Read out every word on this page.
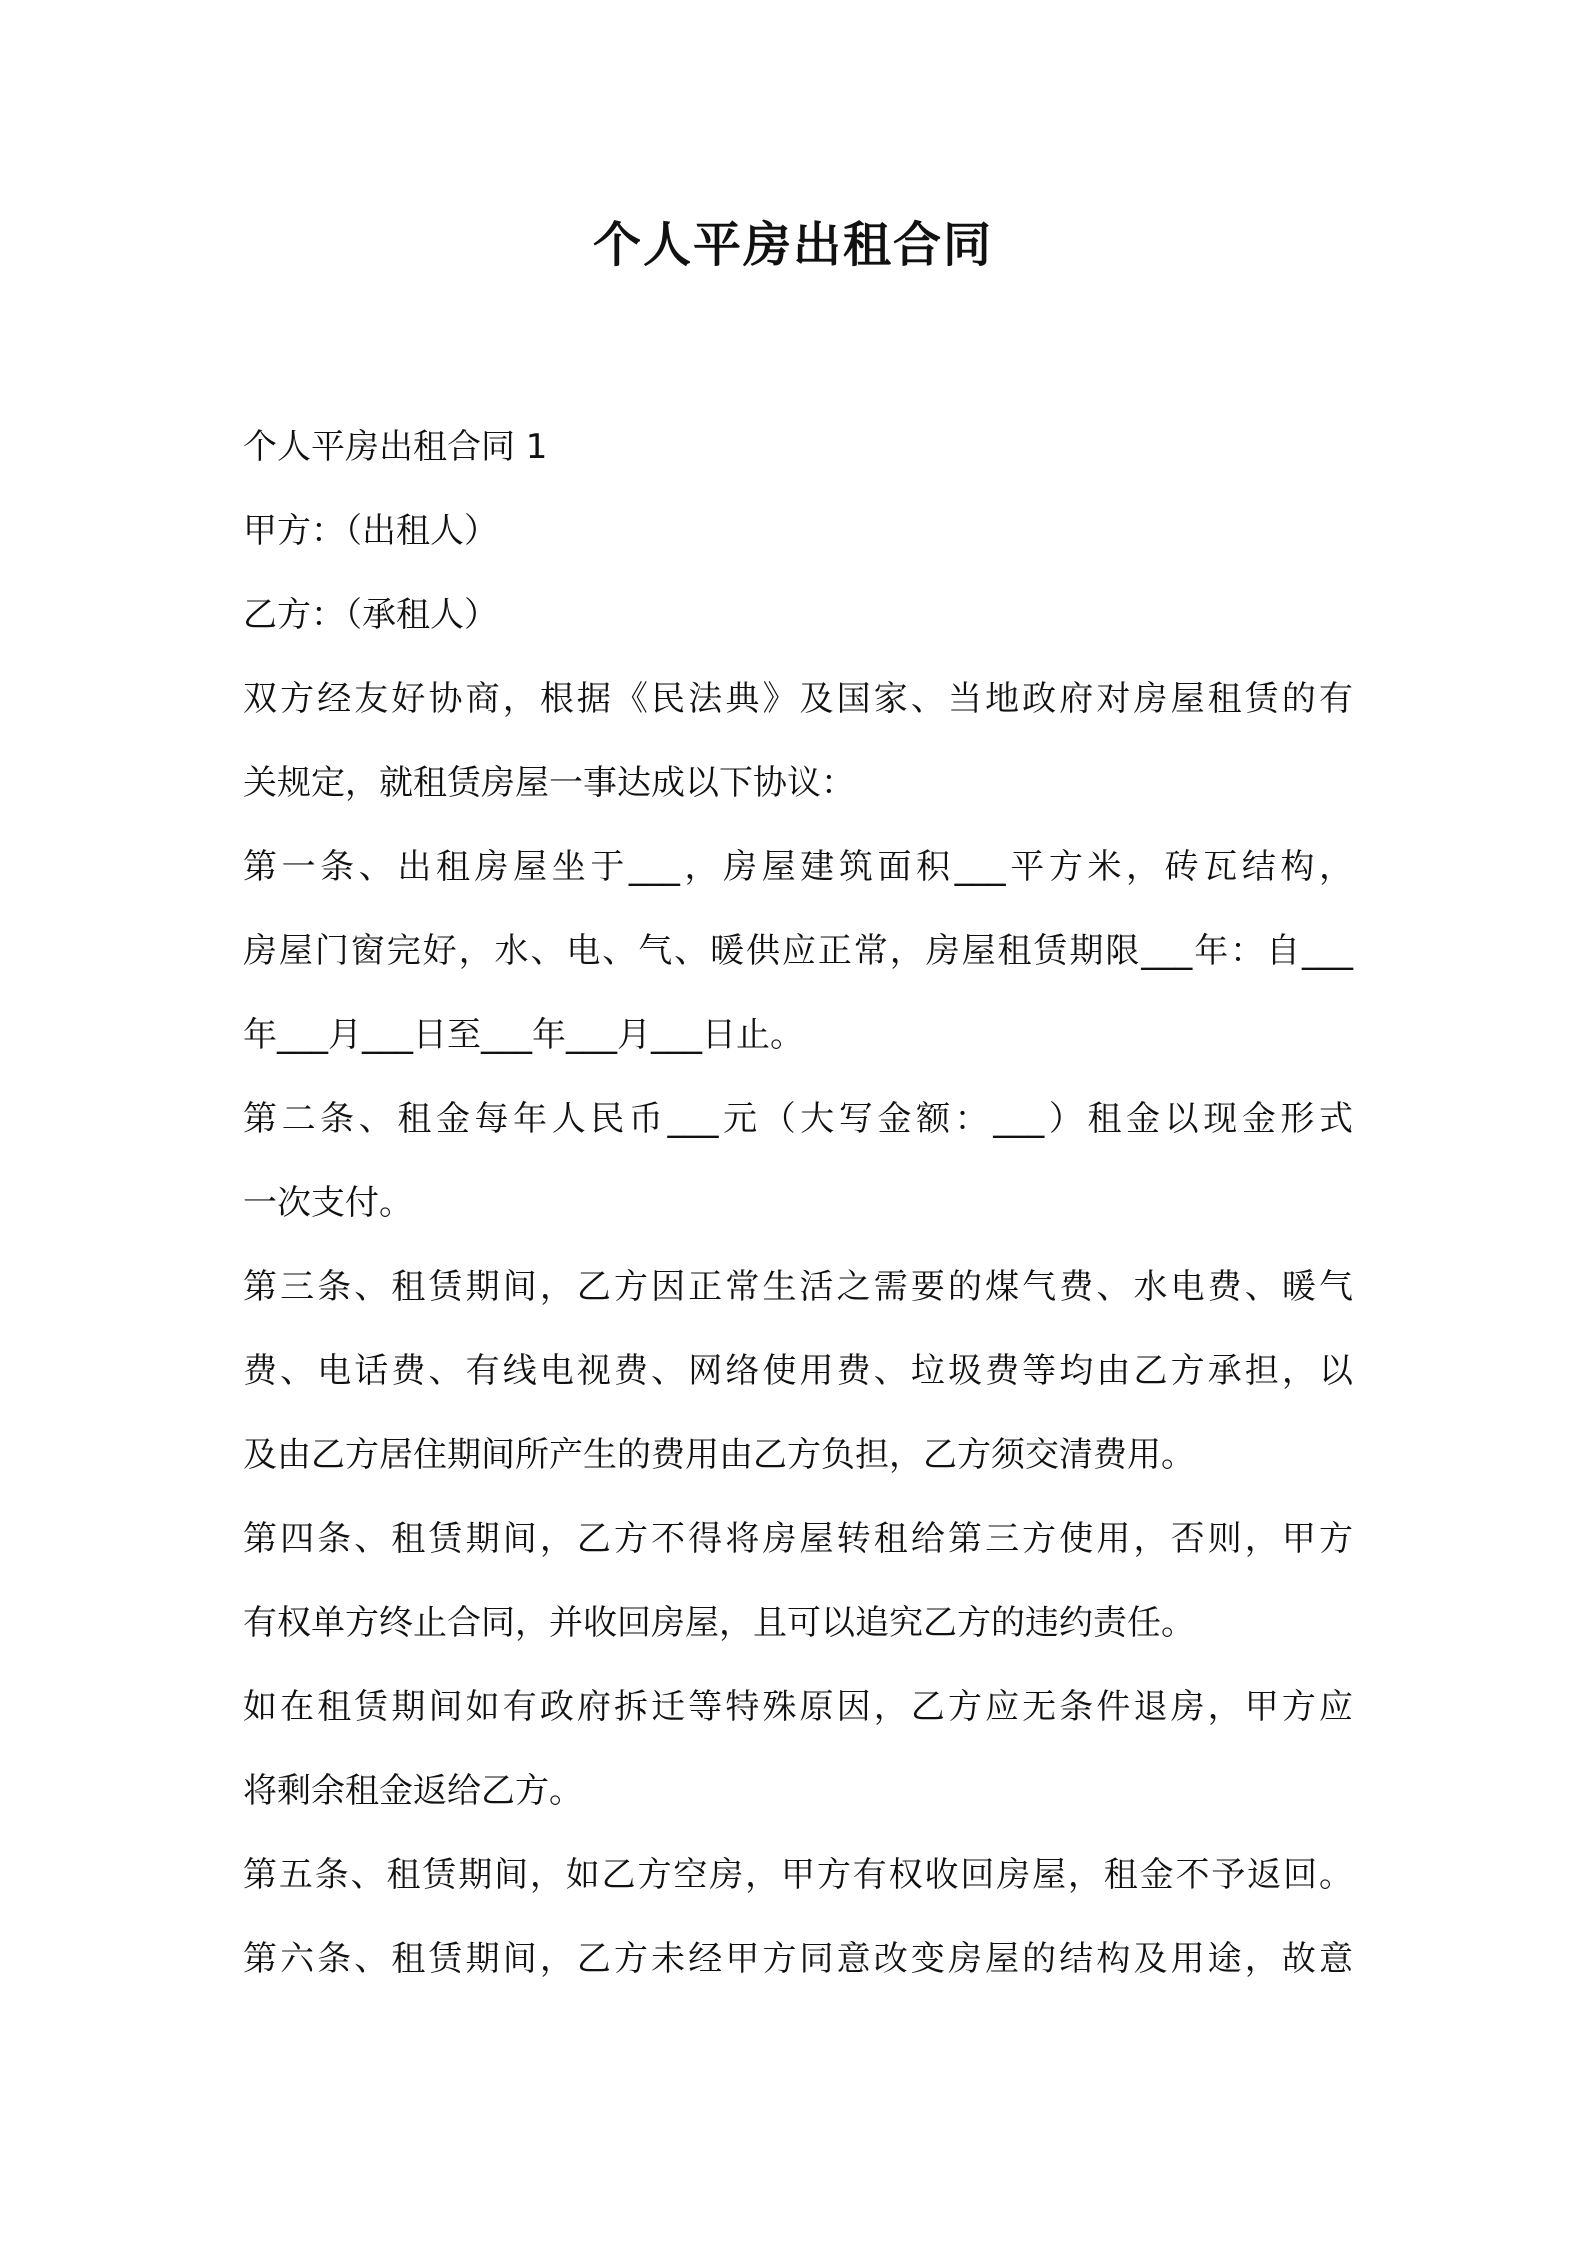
个人平房出租合同
个人平房出租合同 1
甲方：（出租人）
乙方：（承租人）
双方经友好协商，根据《民法典》及国家、当地政府对房屋租赁的有
关规定，就租赁房屋一事达成以下协议：
第一条、出租房屋坐于___，房屋建筑面积___平方米，砖瓦结构，
房屋门窗完好，水、电、气、暖供应正常，房屋租赁期限___年：自___
年___月___日至___年___月___日止。
第二条、租金每年人民币___元（大写金额：___）租金以现金形式
一次支付。
第三条、租赁期间，乙方因正常生活之需要的煤气费、水电费、暖气
费、电话费、有线电视费、网络使用费、垃圾费等均由乙方承担，以
及由乙方居住期间所产生的费用由乙方负担，乙方须交清费用。
第四条、租赁期间，乙方不得将房屋转租给第三方使用，否则，甲方
有权单方终止合同，并收回房屋，且可以追究乙方的违约责任。
如在租赁期间如有政府拆迁等特殊原因，乙方应无条件退房，甲方应
将剩余租金返给乙方。
第五条、租赁期间，如乙方空房，甲方有权收回房屋，租金不予返回。
第六条、租赁期间，乙方未经甲方同意改变房屋的结构及用途，故意
